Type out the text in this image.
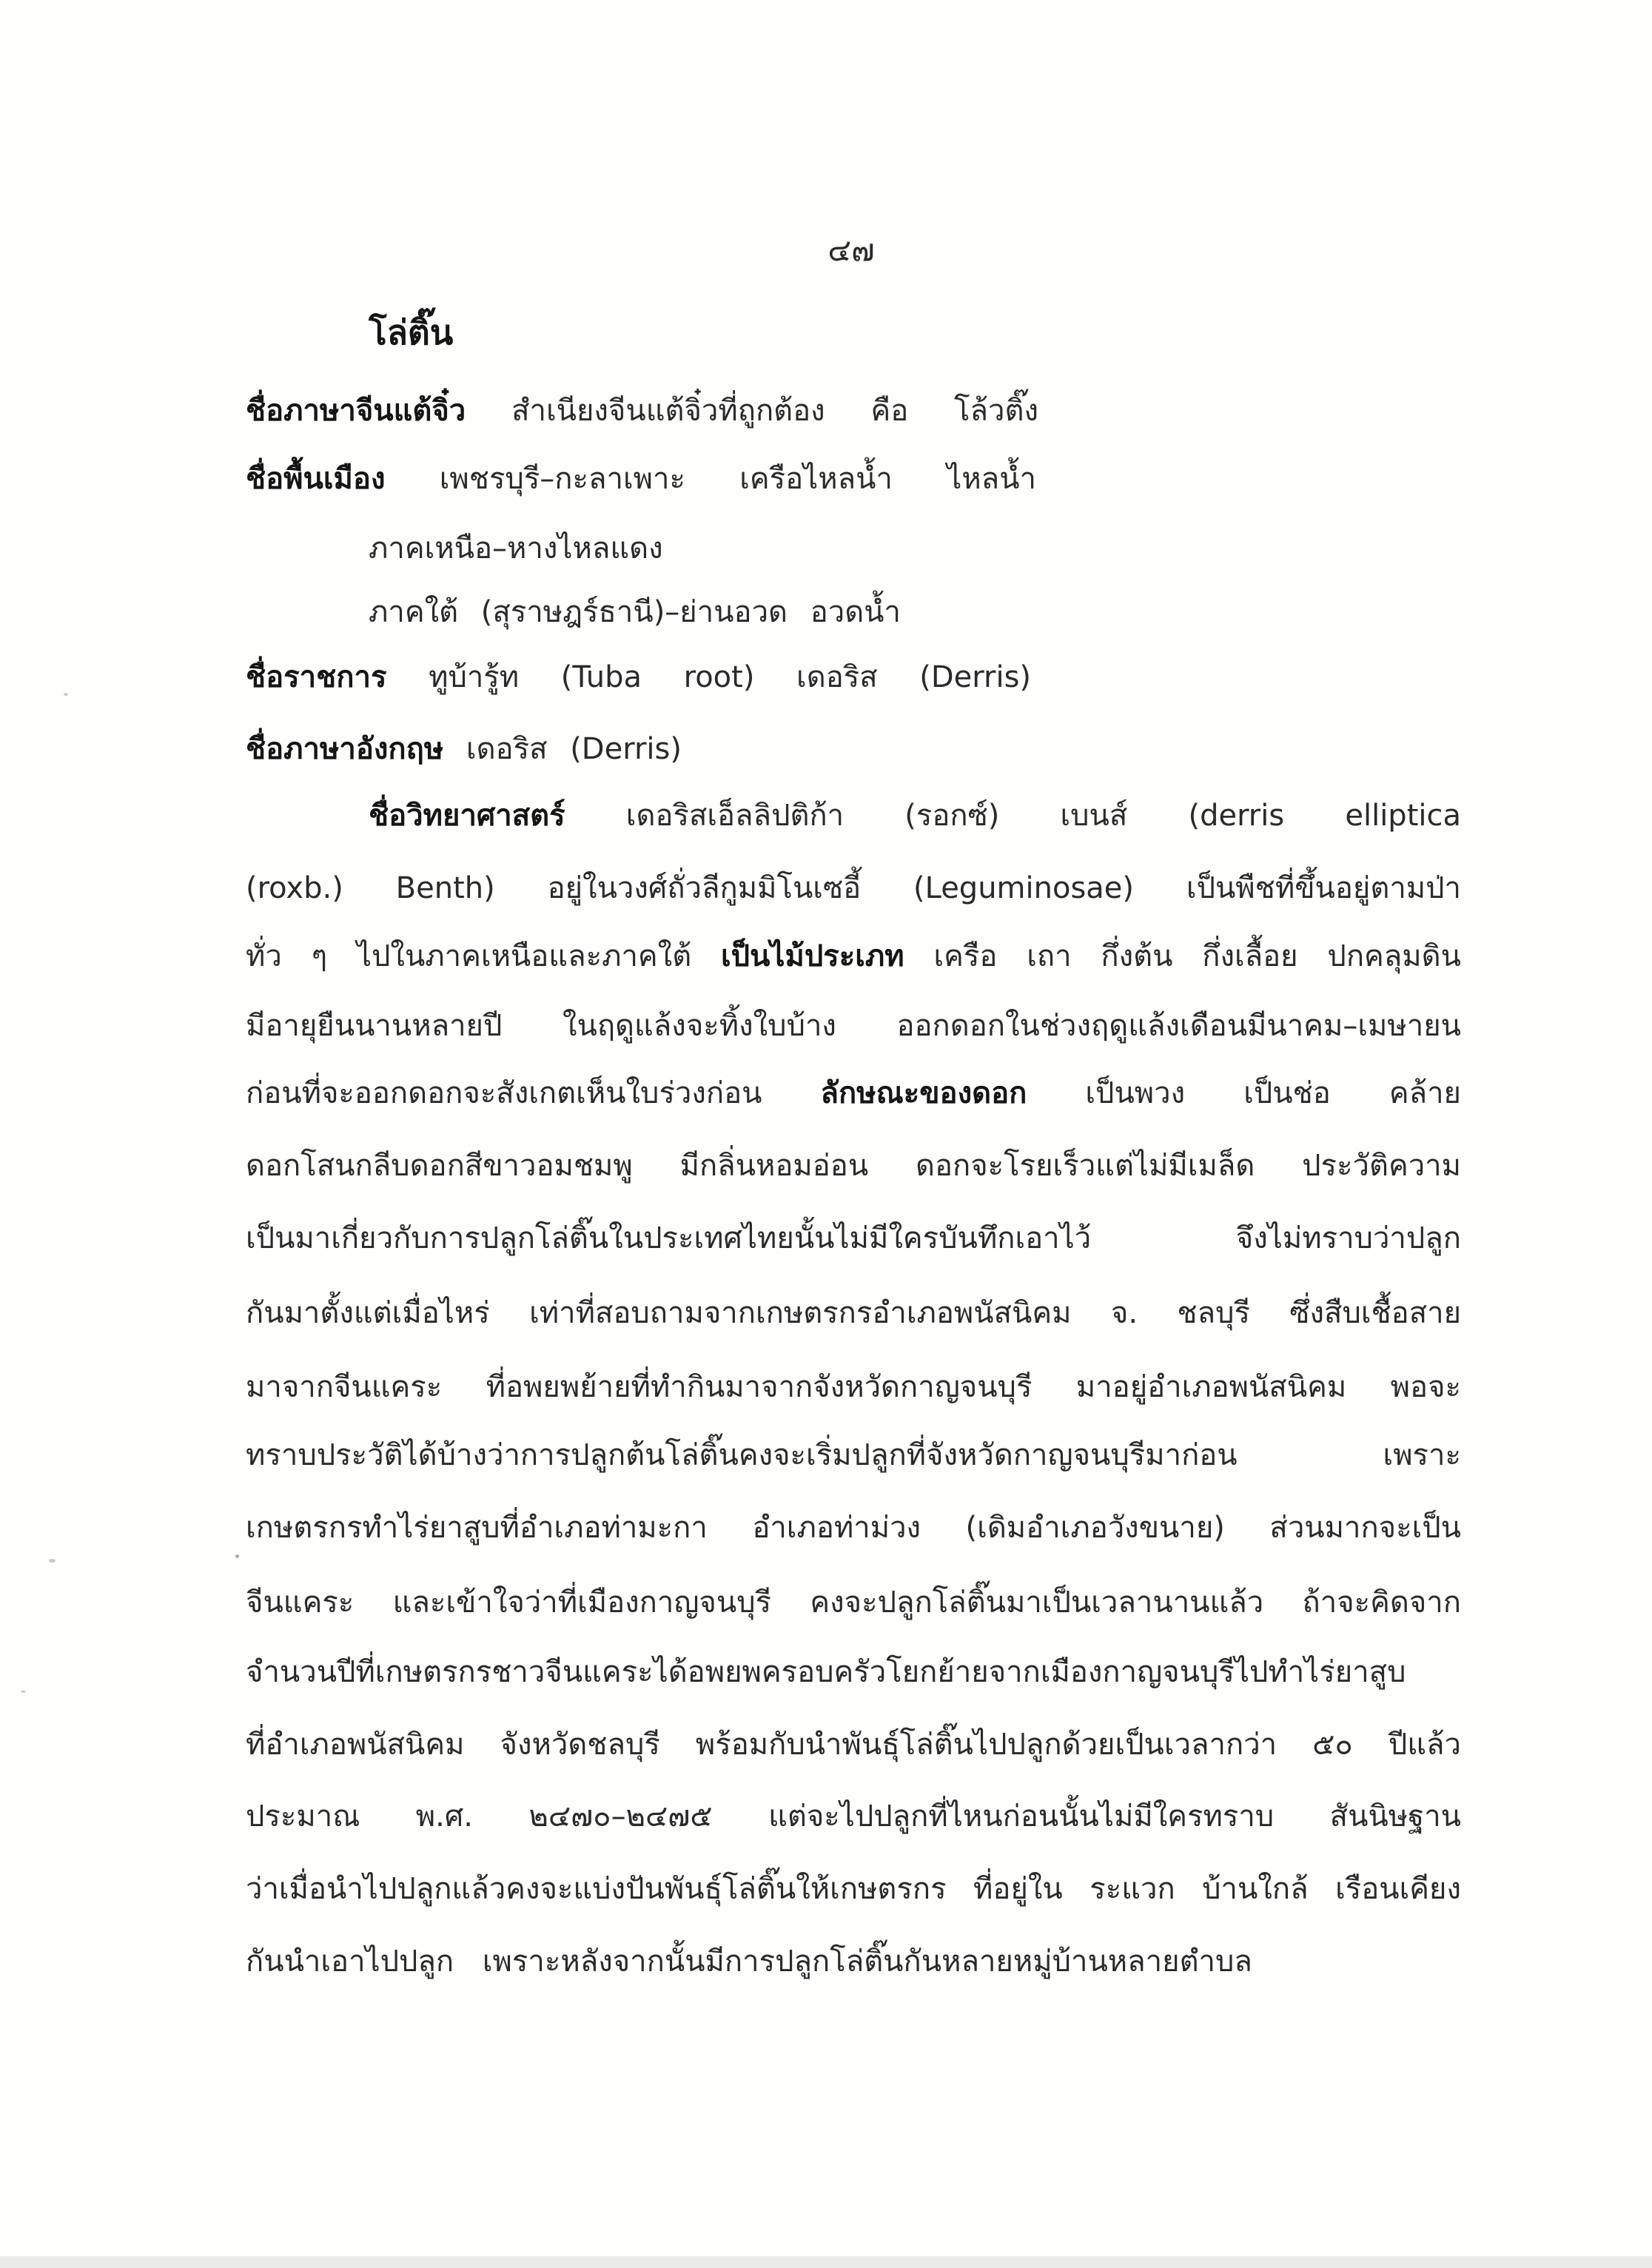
๔๗
โล่ติ๊น
ชื่อภาษาจีนแต้จิ๋ว สำเนียงจีนแต้จิ๋วที่ถูกต้อง คือ โล้วติ๊ง
ชื่อพื้นเมือง เพชรบุรี–กะลาเพาะ เครือไหลน้ำ ไหลน้ำ
ภาคเหนือ–หางไหลแดง
ภาคใต้ (สุราษฎร์ธานี)–ย่านอวด อวดน้ำ
ชื่อราชการ ทูบ้ารู้ท (Tuba root) เดอริส (Derris)
ชื่อภาษาอังกฤษ เดอริส (Derris)
ชื่อวิทยาศาสตร์ เดอริสเอ็ลลิปติก้า (รอกซ์) เบนส์ (derris elliptica
(roxb.) Benth) อยู่ในวงศ์ถั่วลีกูมมิโนเซอี้ (Leguminosae) เป็นพืชที่ขึ้นอยู่ตามป่า
ทั่ว ๆ ไปในภาคเหนือและภาคใต้ เป็นไม้ประเภท เครือ เถา กึ่งต้น กึ่งเลื้อย ปกคลุมดิน
มีอายุยืนนานหลายปี ในฤดูแล้งจะทิ้งใบบ้าง ออกดอกในช่วงฤดูแล้งเดือนมีนาคม–เมษายน
ก่อนที่จะออกดอกจะสังเกตเห็นใบร่วงก่อน ลักษณะของดอก เป็นพวง เป็นช่อ คล้าย
ดอกโสนกลีบดอกสีขาวอมชมพู มีกลิ่นหอมอ่อน ดอกจะโรยเร็วแต่ไม่มีเมล็ด ประวัติความ
เป็นมาเกี่ยวกับการปลูกโล่ติ๊นในประเทศไทยนั้นไม่มีใครบันทึกเอาไว้ จึงไม่ทราบว่าปลูก
กันมาตั้งแต่เมื่อไหร่ เท่าที่สอบถามจากเกษตรกรอำเภอพนัสนิคม จ. ชลบุรี ซึ่งสืบเชื้อสาย
มาจากจีนแคระ ที่อพยพย้ายที่ทำกินมาจากจังหวัดกาญจนบุรี มาอยู่อำเภอพนัสนิคม พอจะ
ทราบประวัติได้บ้างว่าการปลูกต้นโล่ติ๊นคงจะเริ่มปลูกที่จังหวัดกาญจนบุรีมาก่อน เพราะ
เกษตรกรทำไร่ยาสูบที่อำเภอท่ามะกา อำเภอท่าม่วง (เดิมอำเภอวังขนาย) ส่วนมากจะเป็น
จีนแคระ และเข้าใจว่าที่เมืองกาญจนบุรี คงจะปลูกโล่ติ๊นมาเป็นเวลานานแล้ว ถ้าจะคิดจาก
จำนวนปีที่เกษตรกรชาวจีนแคระได้อพยพครอบครัวโยกย้ายจากเมืองกาญจนบุรีไปทำไร่ยาสูบ
ที่อำเภอพนัสนิคม จังหวัดชลบุรี พร้อมกับนำพันธุ์โล่ติ๊นไปปลูกด้วยเป็นเวลากว่า ๕๐ ปีแล้ว
ประมาณ พ.ศ. ๒๔๗๐–๒๔๗๕ แต่จะไปปลูกที่ไหนก่อนนั้นไม่มีใครทราบ สันนิษฐาน
ว่าเมื่อนำไปปลูกแล้วคงจะแบ่งปันพันธุ์โล่ติ๊นให้เกษตรกร ที่อยู่ใน ระแวก บ้านใกล้ เรือนเคียง
กันนำเอาไปปลูก เพราะหลังจากนั้นมีการปลูกโล่ติ๊นกันหลายหมู่บ้านหลายตำบล
